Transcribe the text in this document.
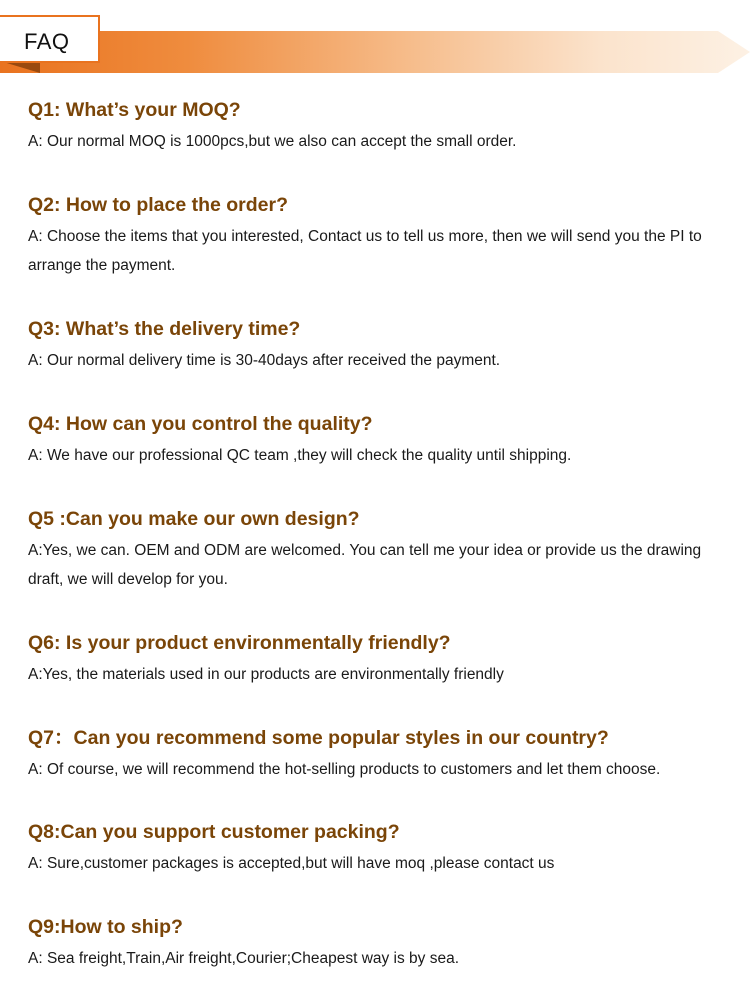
FAQ

Q1: What’s your MOQ?

A: Our normal MOQ is 1000pcs,but we also can accept the small order.

Q2: How to place the order?

A: Choose the items that you interested, Contact us to tell us more, then we will send you the PI to arrange the payment.

Q3: What’s the delivery time?

A: Our normal delivery time is 30-40days after received the payment.

Q4: How can you control the quality?

A: We have our professional QC team ,they will check the quality until shipping.

Q5 :Can you make our own design?

A:Yes, we can. OEM and ODM are welcomed. You can tell me your idea or provide us the drawing draft, we will develop for you.

Q6: Is your product environmentally friendly?

A:Yes, the materials used in our products are environmentally friendly

Q7：Can you recommend some popular styles in our country?

A: Of course, we will recommend the hot-selling products to customers and let them choose.

Q8:Can you support customer packing?

A: Sure,customer packages is accepted,but will have moq ,please contact us

Q9:How to ship?

A: Sea freight,Train,Air freight,Courier;Cheapest way is by sea.
